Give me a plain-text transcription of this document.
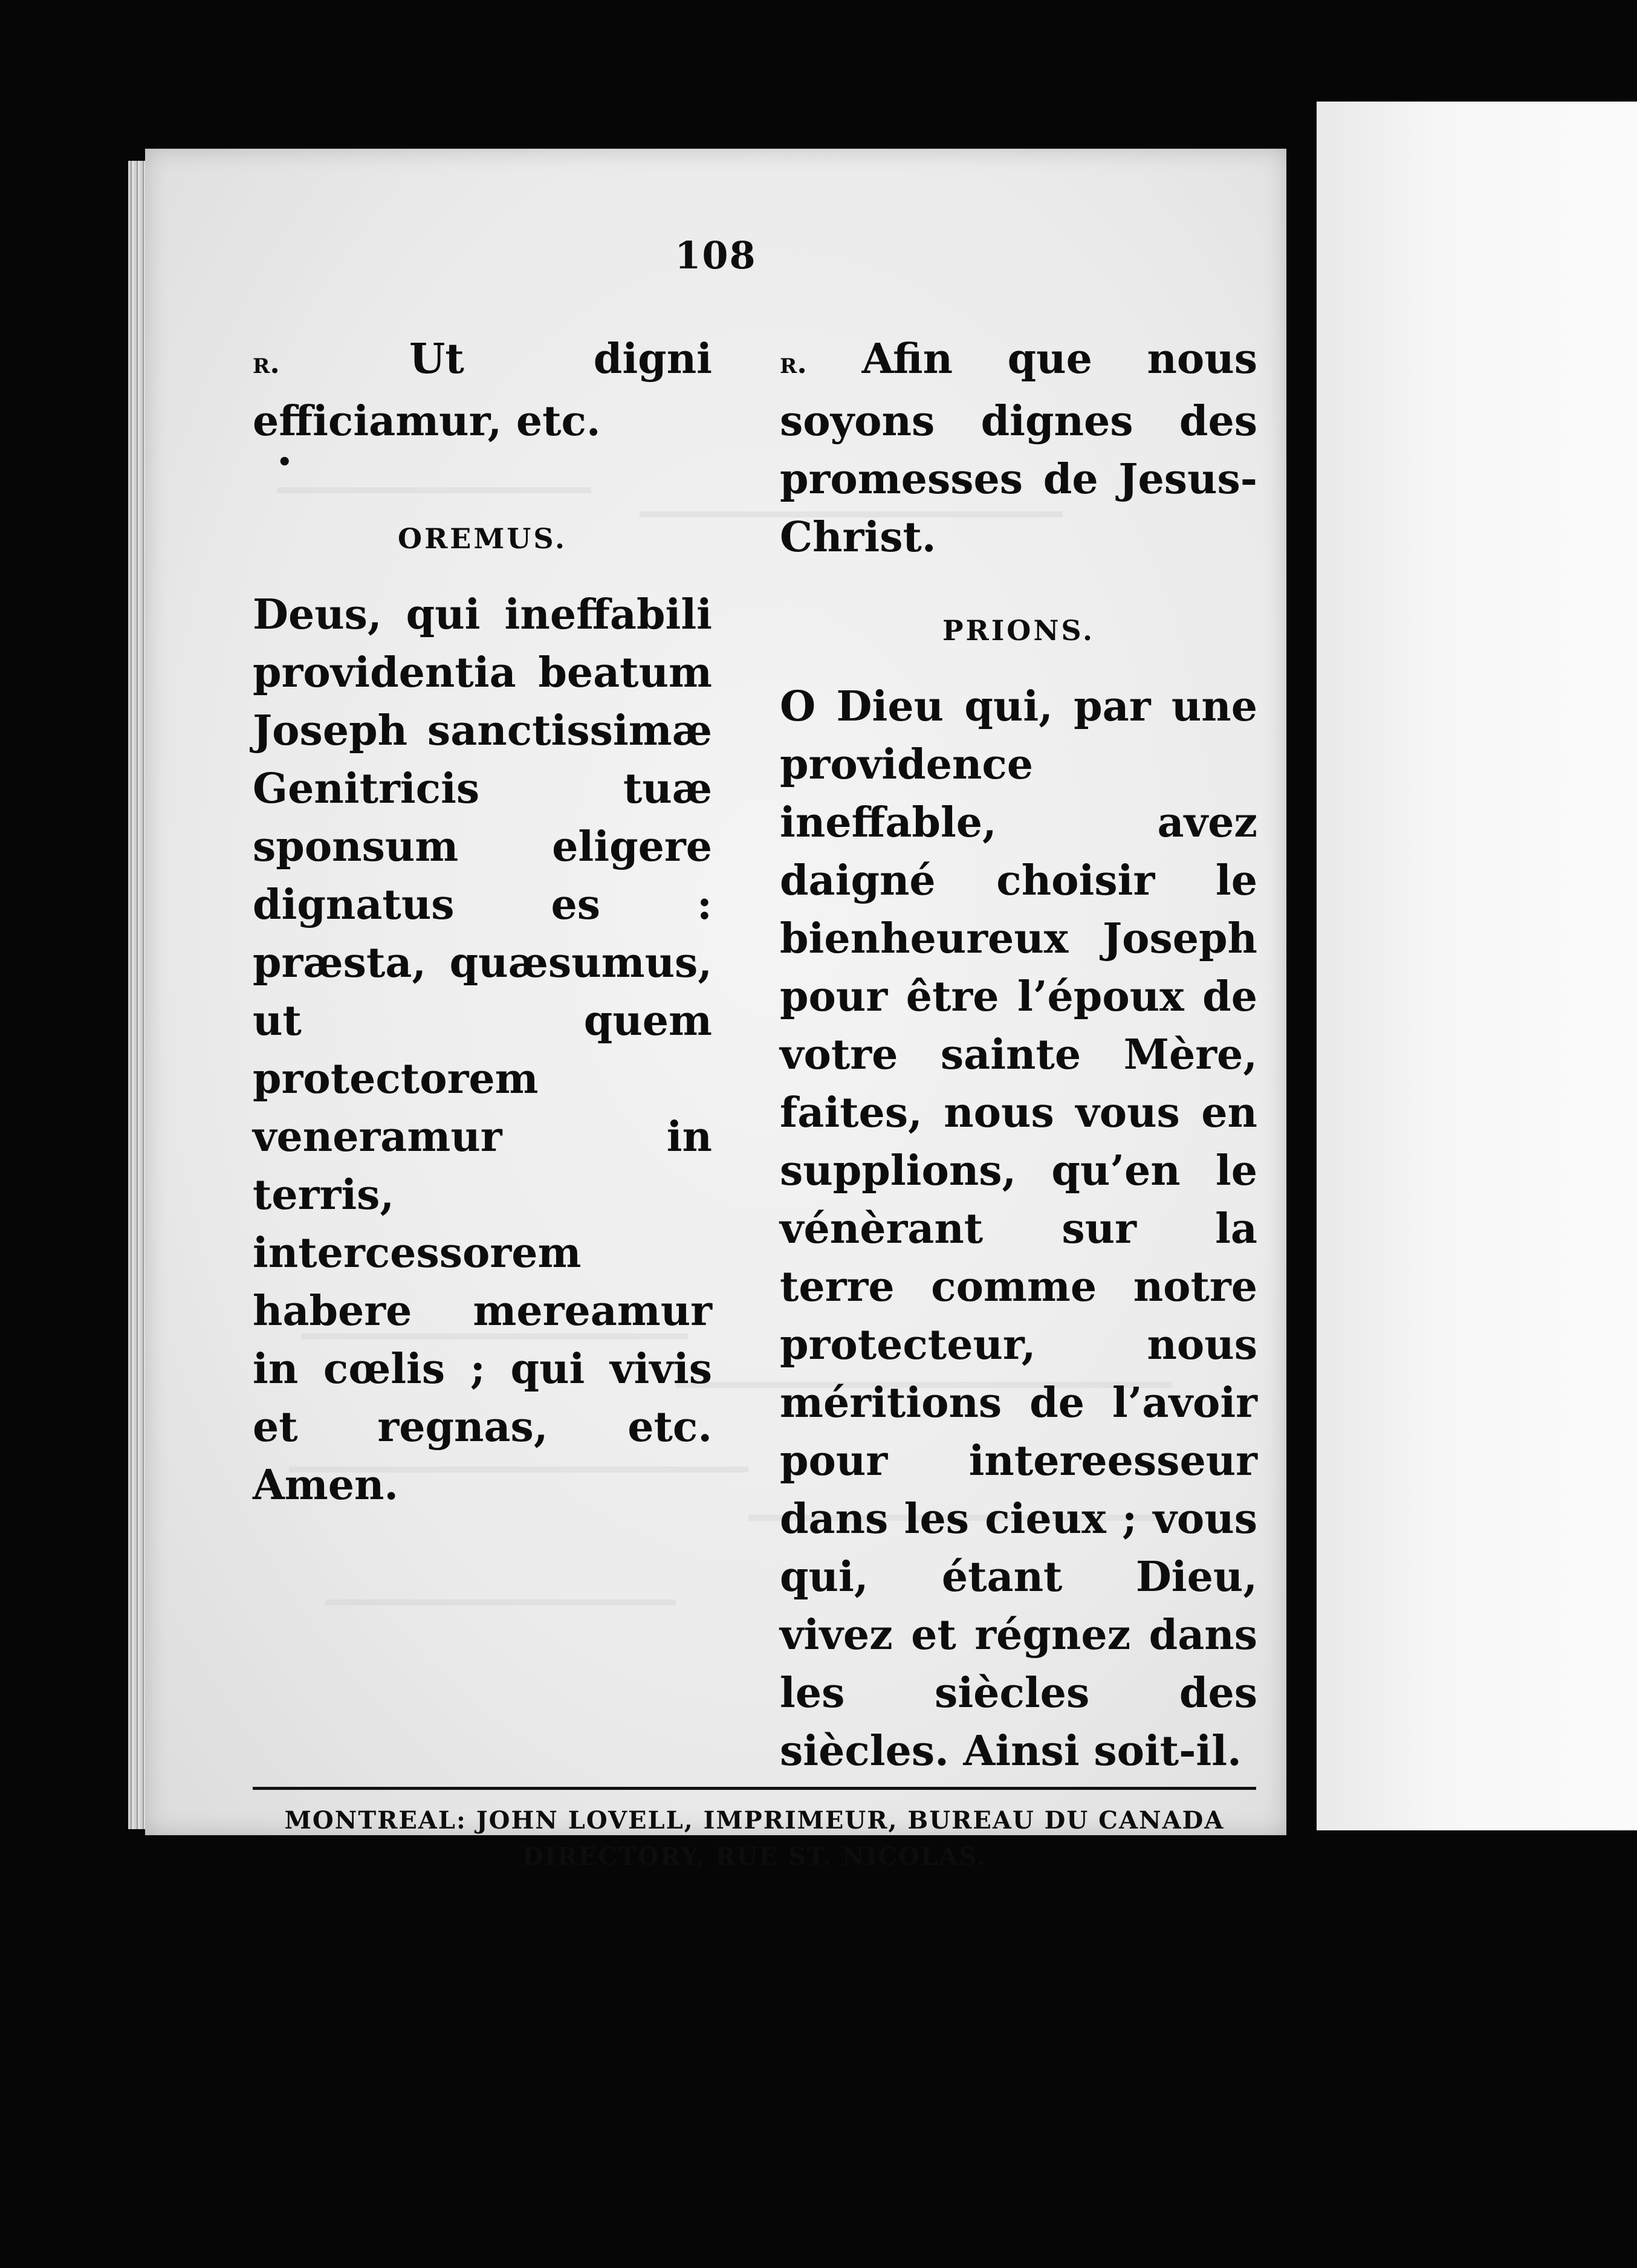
108

r. Ut digni efficiamur, etc.

•
OREMUS.

Deus, qui ineffabili providentia beatum Joseph sanctissimæ Genitricis tuæ sponsum eligere dignatus es : præsta, quæsumus, ut quem protectorem veneramur in terris, intercessorem habere mereamur in cœlis ; qui vivis et regnas, etc. Amen.

r. Afin que nous soyons dignes des promesses de Jesus-Christ.

PRIONS.

O Dieu qui, par une providence ineffable, avez daigné choisir le bienheureux Joseph pour être l’époux de votre sainte Mère, faites, nous vous en supplions, qu’en le vénèrant sur la terre comme notre protecteur, nous méritions de l’avoir pour intereesseur dans les cieux ; vous qui, étant Dieu, vivez et régnez dans les siècles des siècles. Ainsi soit-il.

MONTREAL: JOHN LOVELL, IMPRIMEUR, BUREAU DU CANADA
DIRECTORY, RUE ST. NICOLAS.
